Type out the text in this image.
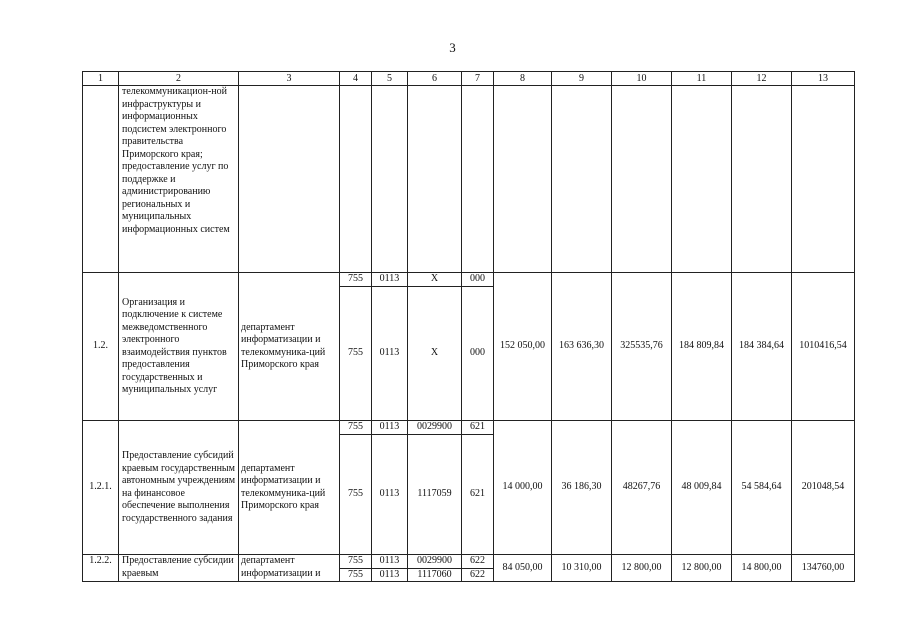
3
1	2	3	4	5	6	7	8	9	10	11	12	13
	телекоммуникацион-ной инфраструктуры и информационных подсистем электронного правительства Приморского края; предоставление услуг по поддержке и администрированию региональных и муниципальных информационных систем											
1.2.	Организация и подключение к системе межведомственного электронного взаимодействия пунктов предоставления государственных и муниципальных услуг	департамент информатизации и телекоммуника-ций Приморского края	755	0113	X	000	152 050,00	163 636,30	325535,76	184 809,84	184 384,64	1010416,54
			755	0113	X	000						
1.2.1.	Предоставление субсидий краевым государственным автономным учреждениям на финансовое обеспечение выполнения государственного задания	департамент информатизации и телекоммуника-ций Приморского края	755	0113	0029900	621	14 000,00	36 186,30	48267,76	48 009,84	54 584,64	201048,54
			755	0113	1117059	621						
1.2.2.	Предоставление субсидии краевым	департамент информатизации и	755	0113	0029900	622	84 050,00	10 310,00	12 800,00	12 800,00	14 800,00	134760,00
			755	0113	1117060	622						
